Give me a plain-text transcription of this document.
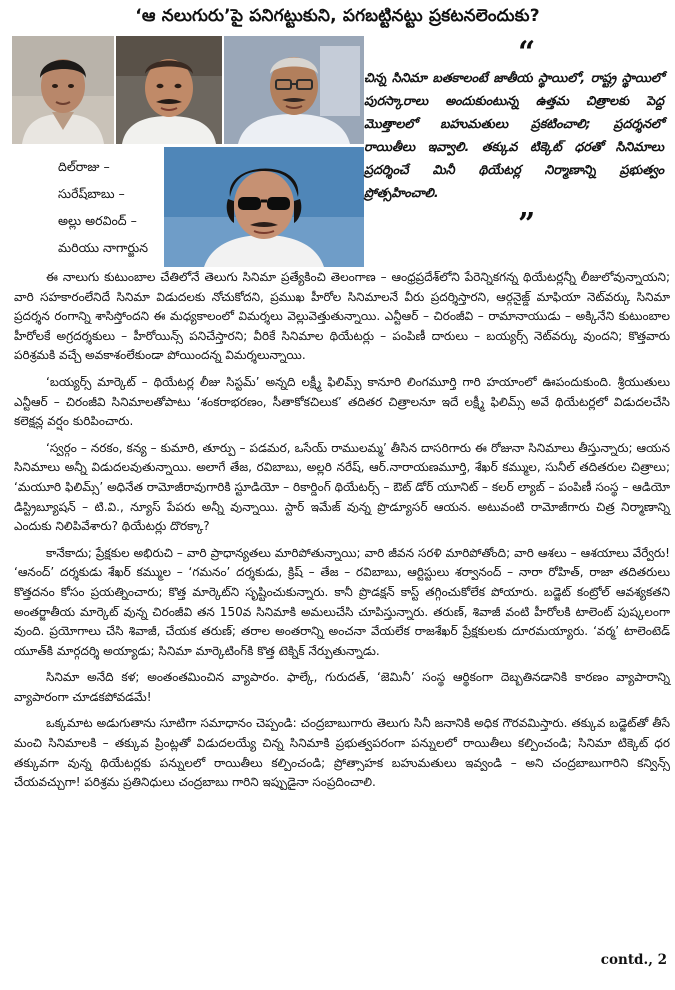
‘ఆ నలుగురు’పై పనిగట్టుకుని, పగబట్టినట్టు ప్రకటనలెందుకు?
దిల్‌రాజు –
సురేష్‌బాబు –
అల్లు అరవింద్‌ –
మరియు నాగార్జున
“
చిన్న సినిమా బతకాలంటే జాతీయ స్థాయిలో, రాష్ట్ర స్థాయిలో పురస్కారాలు అందుకుంటున్న ఉత్తమ చిత్రాలకు పెద్ద మొత్తాలలో బహుమతులు ప్రకటించాలి; ప్రదర్శనలో రాయితీలు ఇవ్వాలి. తక్కువ టిక్కెట్ ధరతో సినిమాలు ప్రదర్శించే మినీ థియేటర్ల నిర్మాణాన్ని ప్రభుత్వం ప్రోత్సహించాలి.
”

ఈ నాలుగు కుటుంబాల చేతిలోనే తెలుగు సినిమా ప్రత్యేకించి తెలంగాణ – ఆంధ్రప్రదేశ్‌లోని పేరెన్నికగన్న థియేటర్లన్నీ లీజులోవున్నాయని; వారి సహకారంలేనిదే సినిమా విడుదలకు నోచుకోదని, ప్రముఖ హీరోల సినిమాలనే వీరు ప్రదర్శిస్తారని, ఆర్గనైజ్డ్ మాఫియా నెట్‌వర్కు సినిమా ప్రదర్శన రంగాన్ని శాసిస్తోందని ఈ మధ్యకాలంలో విమర్శలు వెల్లువెత్తుతున్నాయి. ఎన్టీఆర్‌ – చిరంజీవి – రామానాయుడు – అక్కినేని కుటుంబాల హీరోలకే అగ్రదర్శకులు – హీరోయిన్స్ పనిచేస్తారని; వీరికే సినిమాల థియేటర్లు – పంపిణీ దారులు – బయ్యర్స్ నెట్‌వర్కు వుందని; కొత్తవారు పరిశ్రమకి వచ్చే అవకాశంలేకుండా పోయిందన్న విమర్శలున్నాయి.

‘బయ్యర్స్ మార్కెట్ – థియేటర్ల లీజు సిస్టమ్’ అన్నది లక్ష్మీ ఫిలిమ్స్ కానూరి లింగమూర్తి గారి హయాంలో ఊపందుకుంది. శ్రీయుతులు ఎన్టీఆర్‌ – చిరంజీవి సినిమాలతోపాటు ‘శంకరాభరణం, సీతాకోకచిలుక’ తదితర చిత్రాలనూ ఇదే లక్ష్మీ ఫిలిమ్స్ అవే థియేటర్లలో విడుదలచేసి కలెక్షన్ల వర్షం కురిపించారు.

‘స్వర్గం – నరకం, కన్య – కుమారి, తూర్పు – పడమర, ఒసేయ్ రాములమ్మ’ తీసిన దాసరిగారు ఈ రోజునా సినిమాలు తీస్తున్నారు; ఆయన సినిమాలు అన్నీ విడుదలవుతున్నాయి. అలాగే తేజ, రవిబాబు, అల్లరి నరేష్, ఆర్.నారాయణమూర్తి, శేఖర్ కమ్ముల, సునీల్ తదితరుల చిత్రాలు; ‘మయూరి ఫిలిమ్స్’ అధినేత రామోజీరావుగారికి స్టూడియో – రికార్డింగ్ థియేటర్స్ – ఔట్ డోర్ యూనిట్ – కలర్ ల్యాబ్ – పంపిణీ సంస్థ – ఆడియో డిస్ట్రిబ్యూషన్ – టి.వి., న్యూస్ పేపరు అన్నీ వున్నాయి. స్టార్ ఇమేజ్ వున్న ప్రొడ్యూసర్ ఆయన. అటువంటి రామోజీగారు చిత్ర నిర్మాణాన్ని ఎందుకు నిలిపివేశారు? థియేటర్లు దొరక్కా?

కానేకాదు; ప్రేక్షకుల అభిరుచి – వారి ప్రాధాన్యతలు మారిపోతున్నాయి; వారి జీవన సరళి మారిపోతోంది; వారి ఆశలు – ఆశయాలు వేర్వేరు! ‘ఆనంద్’ దర్శకుడు శేఖర్ కమ్ముల – ‘గమనం’ దర్శకుడు, క్రిష్ – తేజ – రవిబాబు, ఆర్టిస్టులు శర్వానంద్ – నారా రోహిత్, రాజా తదితరులు కొత్తదనం కోసం ప్రయత్నించారు; కొత్త మార్కెట్‌ని సృష్టించుకున్నారు. కానీ ప్రొడక్షన్ కాస్ట్ తగ్గించుకోలేక పోయారు. బడ్జెట్ కంట్రోల్ ఆవశ్యకతని అంతర్జాతీయ మార్కెట్ వున్న చిరంజీవి తన 150వ సినిమాకి అమలుచేసి చూపిస్తున్నారు. తరుణ్, శివాజీ వంటి హీరోలకి టాలెంట్ పుష్కలంగా వుంది. ప్రయోగాలు చేసి శివాజీ, చేయక తరుణ్; తరాల అంతరాన్ని అంచనా వేయలేక రాజశేఖర్ ప్రేక్షకులకు దూరమయ్యారు. ‘వర్మ’ టాలెంటెడ్ యూత్‌కి మార్గదర్శి అయ్యాడు; సినిమా మార్కెటింగ్‌కి కొత్త టెక్నిక్ నేర్పుతున్నాడు.

సినిమా అనేది కళ; అంతంతమించిన వ్యాపారం. ఫాల్కే, గురుదత్, ‘జెమినీ’ సంస్థ ఆర్థికంగా దెబ్బతినడానికి కారణం వ్యాపారాన్ని వ్యాపారంగా చూడకపోవడమే!

ఒక్కమాట అడుగుతాను సూటిగా సమాధానం చెప్పండి: చంద్రబాబుగారు తెలుగు సినీ జనానికి అధిక గౌరవమిస్తారు. తక్కువ బడ్జెట్‌తో తీసే మంచి సినిమాలకి – తక్కువ ప్రింట్లతో విడుదలయ్యే చిన్న సినిమాకి ప్రభుత్వపరంగా పన్నులలో రాయితీలు కల్పించండి; సినిమా టిక్కెట్ ధర తక్కువగా వున్న థియేటర్లకు పన్నులలో రాయితీలు కల్పించండి; ప్రోత్సాహక బహుమతులు ఇవ్వండి – అని చంద్రబాబుగారిని కన్విన్స్ చేయవచ్చుగా! పరిశ్రమ ప్రతినిధులు చంద్రబాబు గారిని ఇప్పుడైనా సంప్రదించాలి.

contd., 2
